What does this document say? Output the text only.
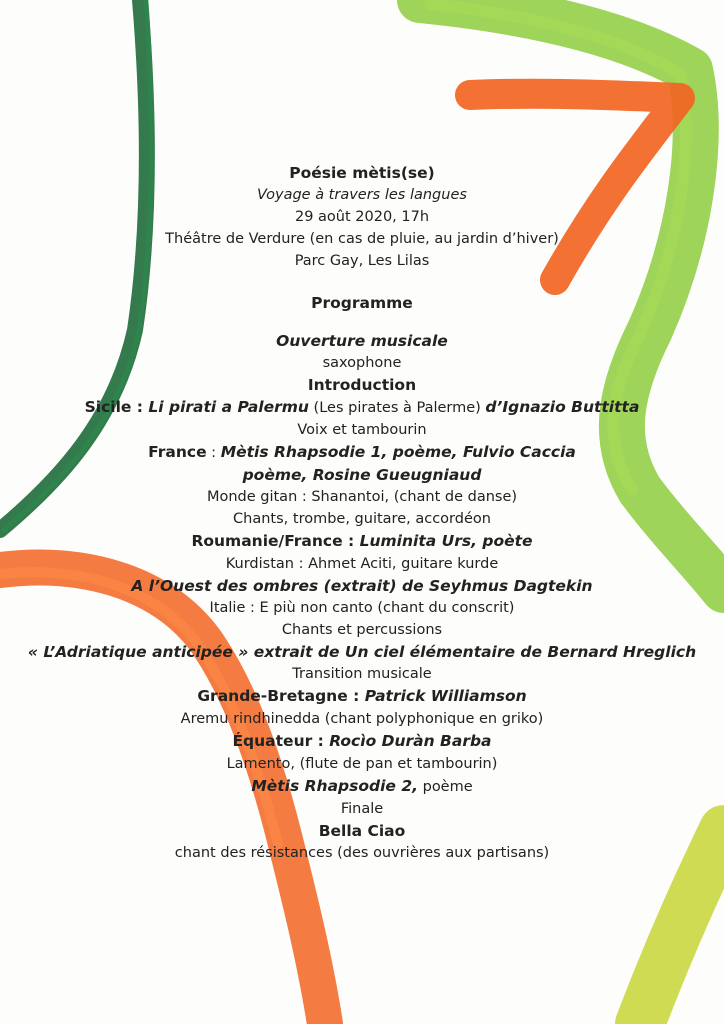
Poésie mètis(se)
Voyage à travers les langues
29 août 2020, 17h
Théâtre de Verdure (en cas de pluie, au jardin d’hiver)
Parc Gay, Les Lilas
Programme
Ouverture musicale
saxophone
Introduction
Sicile : Li pirati a Palermu (Les pirates à Palerme) d’Ignazio Buttitta
Voix et tambourin
France : Mètis Rhapsodie 1, poème, Fulvio Caccia
poème, Rosine Gueugniaud
Monde gitan : Shanantoi, (chant de danse)
Chants, trombe, guitare, accordéon
Roumanie/France : Luminita Urs, poète
Kurdistan : Ahmet Aciti, guitare kurde
A l’Ouest des ombres (extrait) de Seyhmus Dagtekin
Italie : E più non canto (chant du conscrit)
Chants et percussions
« L’Adriatique anticipée » extrait de Un ciel élémentaire de Bernard Hreglich
Transition musicale
Grande-Bretagne : Patrick Williamson
Aremu rindhinedda (chant polyphonique en griko)
Équateur : Rocìo Duràn Barba
Lamento, (flute de pan et tambourin)
Mètis Rhapsodie 2, poème
Finale
Bella Ciao
chant des résistances (des ouvrières aux partisans)
